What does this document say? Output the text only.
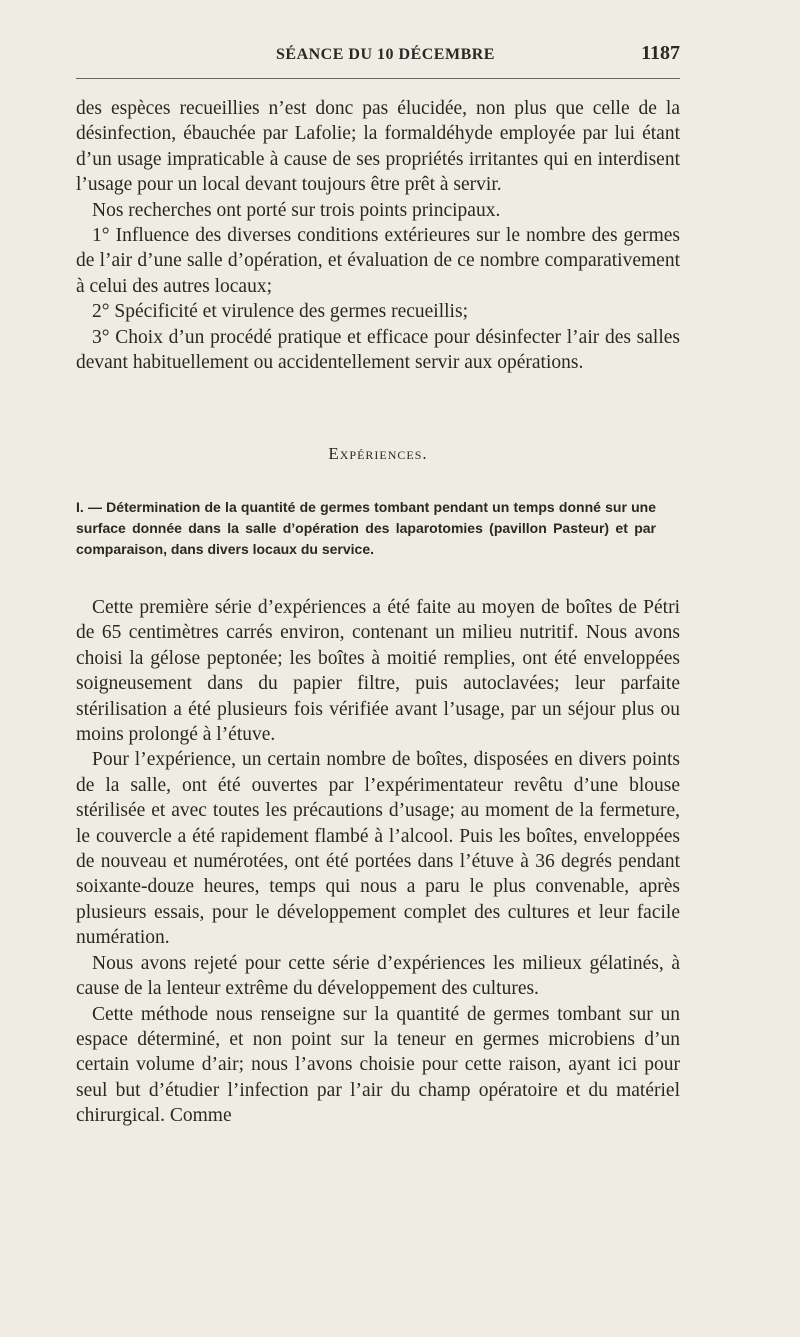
SÉANCE DU 10 DÉCEMBRE	1187

des espèces recueillies n’est donc pas élucidée, non plus que celle de la désinfection, ébauchée par Lafolie; la formaldéhyde employée par lui étant d’un usage impraticable à cause de ses propriétés irritantes qui en interdisent l’usage pour un local devant toujours être prêt à servir.

Nos recherches ont porté sur trois points principaux.

1° Influence des diverses conditions extérieures sur le nombre des germes de l’air d’une salle d’opération, et évaluation de ce nombre comparativement à celui des autres locaux;

2° Spécificité et virulence des germes recueillis;

3° Choix d’un procédé pratique et efficace pour désinfecter l’air des salles devant habituellement ou accidentellement servir aux opérations.

Expériences.
I. — Détermination de la quantité de germes tombant pendant un temps donné sur une surface donnée dans la salle d’opération des laparotomies (pavillon Pasteur) et par comparaison, dans divers locaux du service.

Cette première série d’expériences a été faite au moyen de boîtes de Pétri de 65 centimètres carrés environ, contenant un milieu nutritif. Nous avons choisi la gélose peptonée; les boîtes à moitié remplies, ont été enveloppées soigneusement dans du papier filtre, puis autoclavées; leur parfaite stérilisation a été plusieurs fois vérifiée avant l’usage, par un séjour plus ou moins prolongé à l’étuve.

Pour l’expérience, un certain nombre de boîtes, disposées en divers points de la salle, ont été ouvertes par l’expérimentateur revêtu d’une blouse stérilisée et avec toutes les précautions d’usage; au moment de la fermeture, le couvercle a été rapidement flambé à l’alcool. Puis les boîtes, enveloppées de nouveau et numérotées, ont été portées dans l’étuve à 36 degrés pendant soixante-douze heures, temps qui nous a paru le plus convenable, après plusieurs essais, pour le développement complet des cultures et leur facile numération.

Nous avons rejeté pour cette série d’expériences les milieux gélatinés, à cause de la lenteur extrême du développement des cultures.

Cette méthode nous renseigne sur la quantité de germes tombant sur un espace déterminé, et non point sur la teneur en germes microbiens d’un certain volume d’air; nous l’avons choisie pour cette raison, ayant ici pour seul but d’étudier l’infection par l’air du champ opératoire et du matériel chirurgical. Comme
